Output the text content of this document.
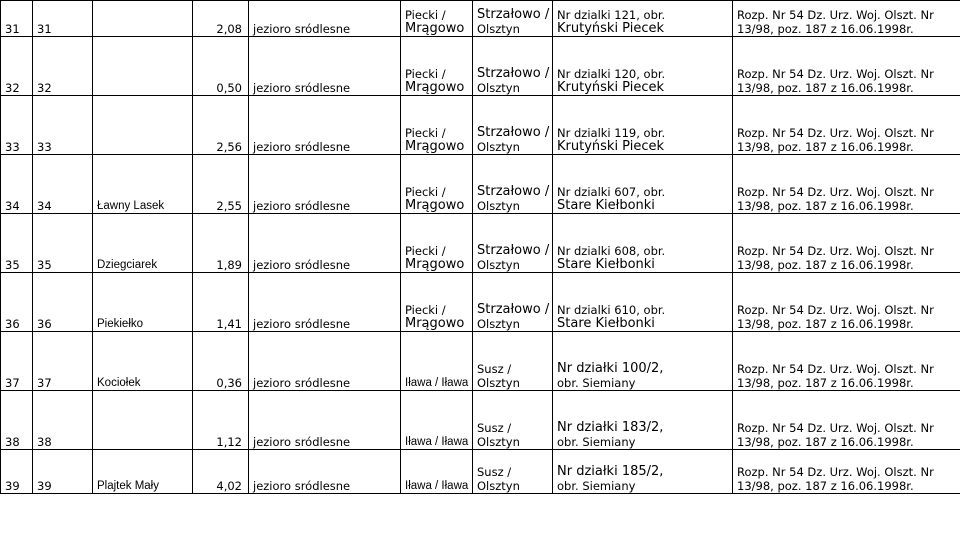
31	31		2,08	jezioro sródlesne	Piecki /
Mrągowo	Strzałowo /
Olsztyn	Nr dzialki 121, obr.
Krutyński Piecek	Rozp. Nr 54 Dz. Urz. Woj. Olszt. Nr
13/98, poz. 187 z 16.06.1998r.

32	32		0,50	jezioro sródlesne	Piecki /
Mrągowo	Strzałowo /
Olsztyn	Nr dzialki 120, obr.
Krutyński Piecek	Rozp. Nr 54 Dz. Urz. Woj. Olszt. Nr
13/98, poz. 187 z 16.06.1998r.

33	33		2,56	jezioro sródlesne	Piecki /
Mrągowo	Strzałowo /
Olsztyn	Nr dzialki 119, obr.
Krutyński Piecek	Rozp. Nr 54 Dz. Urz. Woj. Olszt. Nr
13/98, poz. 187 z 16.06.1998r.

34	34	Ławny Lasek	2,55	jezioro sródlesne	Piecki /
Mrągowo	Strzałowo /
Olsztyn	Nr dzialki 607, obr.
Stare Kiełbonki	Rozp. Nr 54 Dz. Urz. Woj. Olszt. Nr
13/98, poz. 187 z 16.06.1998r.

35	35	Dziegciarek	1,89	jezioro sródlesne	Piecki /
Mrągowo	Strzałowo /
Olsztyn	Nr dzialki 608, obr.
Stare Kiełbonki	Rozp. Nr 54 Dz. Urz. Woj. Olszt. Nr
13/98, poz. 187 z 16.06.1998r.

36	36	Piekiełko	1,41	jezioro sródlesne	Piecki /
Mrągowo	Strzałowo /
Olsztyn	Nr dzialki 610, obr.
Stare Kiełbonki	Rozp. Nr 54 Dz. Urz. Woj. Olszt. Nr
13/98, poz. 187 z 16.06.1998r.

37	37	Kociołek	0,36	jezioro sródlesne	Iława / Iława	Susz /
Olsztyn	Nr działki 100/2,
obr. Siemiany	Rozp. Nr 54 Dz. Urz. Woj. Olszt. Nr
13/98, poz. 187 z 16.06.1998r.

38	38		1,12	jezioro sródlesne	Iława / Iława	Susz /
Olsztyn	Nr działki 183/2,
obr. Siemiany	Rozp. Nr 54 Dz. Urz. Woj. Olszt. Nr
13/98, poz. 187 z 16.06.1998r.

39	39	Plajtek Mały	4,02	jezioro sródlesne	Iława / Iława	Susz /
Olsztyn	Nr działki 185/2,
obr. Siemiany	Rozp. Nr 54 Dz. Urz. Woj. Olszt. Nr
13/98, poz. 187 z 16.06.1998r.
